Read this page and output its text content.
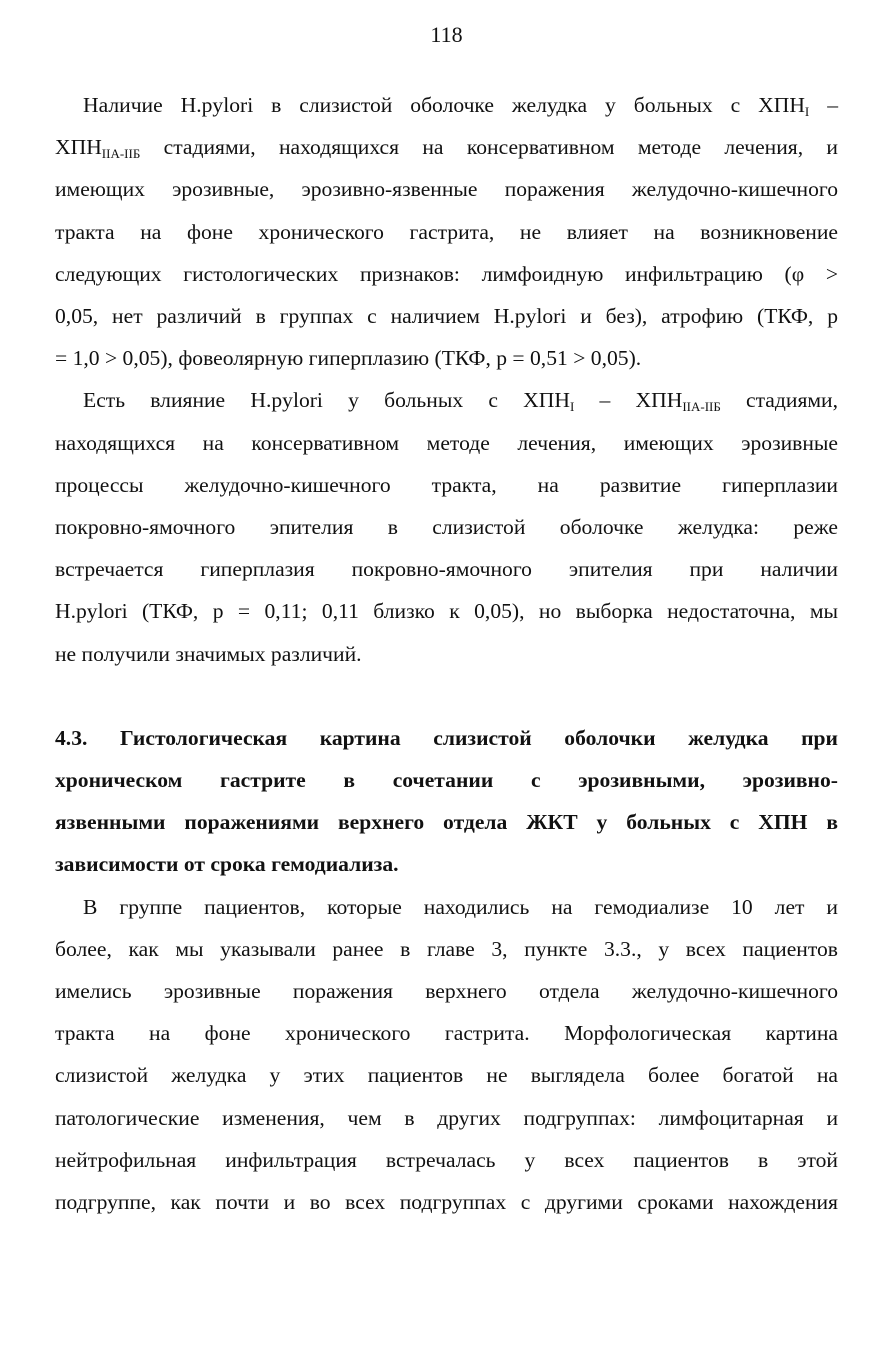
118
Наличие H.pylori в слизистой оболочке желудка у больных с $ХПН_I$ –
$ХПН_{IIА-IIБ}$ стадиями, находящихся на консервативном методе лечения, и
имеющих эрозивные, эрозивно-язвенные поражения желудочно-кишечного
тракта на фоне хронического гастрита, не влияет на возникновение
следующих гистологических признаков: лимфоидную инфильтрацию (φ >
0,05, нет различий в группах с наличием H.pylori и без), атрофию (ТКФ, р
= 1,0 > 0,05), фовеолярную гиперплазию (ТКФ, р = 0,51 > 0,05).
Есть влияние H.pylori у больных с $ХПН_I - ХПН_{IIА-IIБ}$ стадиями,
находящихся на консервативном методе лечения, имеющих эрозивные
процессы желудочно-кишечного тракта, на развитие гиперплазии
покровно-ямочного эпителия в слизистой оболочке желудка: реже
встречается гиперплазия покровно-ямочного эпителия при наличии
H.pylori (ТКФ, р = 0,11; 0,11 близко к 0,05), но выборка недостаточна, мы
не получили значимых различий.
4.3. Гистологическая картина слизистой оболочки желудка при
хроническом гастрите в сочетании с эрозивными, эрозивно-
язвенными поражениями верхнего отдела ЖКТ у больных с ХПН в
зависимости от срока гемодиализа.
В группе пациентов, которые находились на гемодиализе 10 лет и
более, как мы указывали ранее в главе 3, пункте 3.3., у всех пациентов
имелись эрозивные поражения верхнего отдела желудочно-кишечного
тракта на фоне хронического гастрита. Морфологическая картина
слизистой желудка у этих пациентов не выглядела более богатой на
патологические изменения, чем в других подгруппах: лимфоцитарная и
нейтрофильная инфильтрация встречалась у всех пациентов в этой
подгруппе, как почти и во всех подгруппах с другими сроками нахождения
